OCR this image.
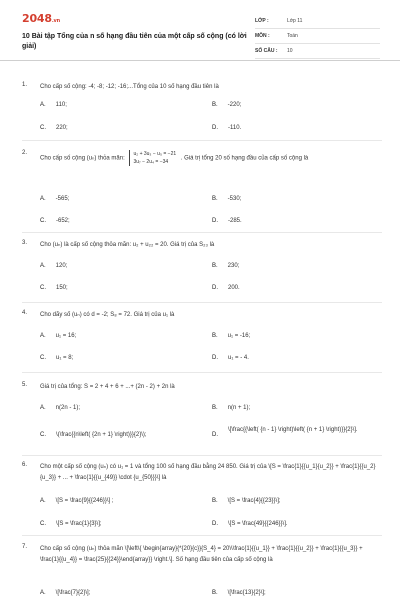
2048.vn
10 Bài tập Tổng của n số hạng đầu tiên của một cấp số cộng (có lời giải)
LỚP :	Lớp 11
MÔN :	Toán
SỐ CÂU :	10
1. Cho cấp số cộng: -4; -8; -12; -16;...Tổng của 10 số hạng đầu tiên là
A. 110;	B. -220;
C. 220;	D. -110.
2.
Cho cấp số cộng (uₙ) thỏa mãn: u₂ + 3u₃ − u₅ = −21
3u₇ − 2u₄ = −34 . Giá trị tổng 20 số hạng đầu của cấp số cộng là
A. -565;	B. -530;
C. -652;	D. -285.
3. Cho (uₙ) là cấp số cộng thỏa mãn: u₂ + u₂₂ = 20. Giá trị của S₂₃ là
A. 120;	B. 230;
C. 150;	D. 200.
4. Cho dãy số (uₙ) có d = -2; S₈ = 72. Giá trị của u₁ là
A. u₁ = 16;	B. u₁ = -16;
C. u₁ = 8;	D. u₁ = - 4.
5. Giá trị của tổng: S = 2 + 4 + 6 + ...+ (2n - 2) + 2n là
A. n(2n - 1);	B. n(n + 1);
C. \(\frac{{n\left( {2n + 1} \right)}}{2}\);	D.
\[\frac{{\left( {n - 1} \right)\left( {n + 1} \right)}}{2}\].
6. Cho một cấp số cộng (uₙ) có u₁ = 1 và tổng 100 số hạng đầu bằng 24 850. Giá trị của \[S = \frac{1}{{u_1}{u_2}} + \frac{1}{{u_2}{u_3}} + ... + \frac{1}{{u_{49}} \cdot {u_{50}}}\] là
A. \[S = \frac{9}{{246}}\] ;	B. \[S = \frac{4}{{23}}\];
C. \[S = \frac{1}{3}\];	D. \[S = \frac{49}{{246}}\].
7. Cho cấp số cộng (uₙ) thỏa mãn \[\left\{ \begin{array}{*{20}{c}}{S_4} = 20\\\frac{1}{{u_1}} + \frac{1}{{u_2}} + \frac{1}{{u_3}} + \frac{1}{{u_4}} = \frac{25}{{24}}\end{array}} \right.\]. Số hạng đầu tiên của cấp số cộng là
A. \[\frac{7}{2}\];	B. \[\frac{13}{2}\];
